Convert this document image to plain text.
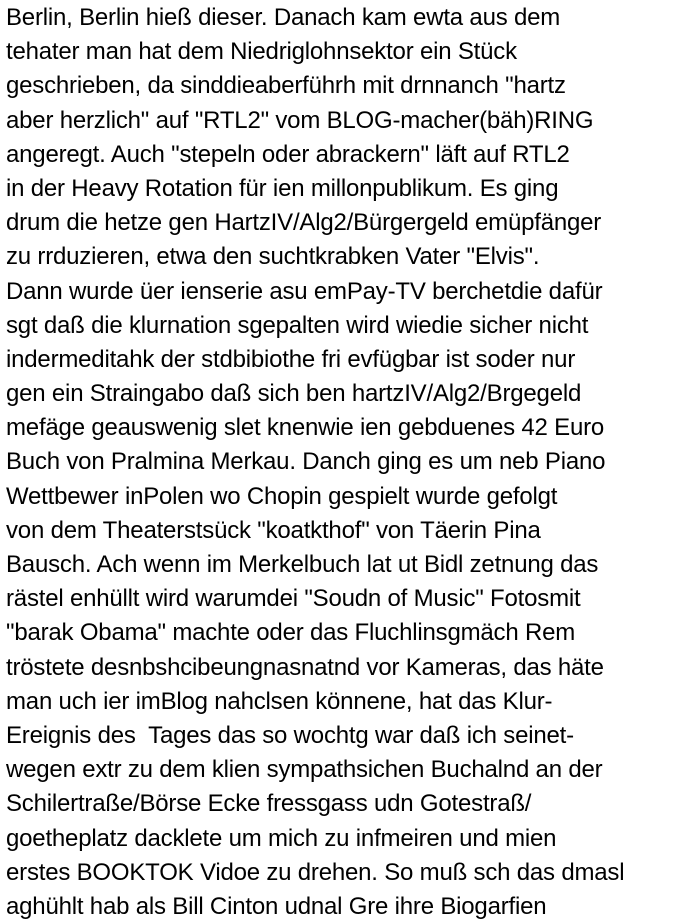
Berlin, Berlin hieß dieser. Danach kam ewta aus dem
tehater man hat dem Niedriglohnsektor ein Stück
geschrieben, da sinddieaberführh mit drnnanch "hartz
aber herzlich" auf "RTL2" vom BLOG-macher(bäh)RING
angeregt. Auch "stepeln oder abrackern" läft auf RTL2
in der Heavy Rotation für ien millonpublikum. Es ging
drum die hetze gen HartzIV/Alg2/Bürgergeld emüpfänger
zu rrduzieren, etwa den suchtkrabken Vater "Elvis".
Dann wurde üer ienserie asu emPay-TV berchetdie dafür
sgt daß die klurnation sgepalten wird wiedie sicher nicht
indermeditahk der stdbibiothe fri evfügbar ist soder nur
gen ein Straingabo daß sich ben hartzIV/Alg2/Brgegeld
mefäge geauswenig slet knenwie ien gebduenes 42 Euro
Buch von Pralmina Merkau. Danch ging es um neb Piano
Wettbewer inPolen wo Chopin gespielt wurde gefolgt
von dem Theaterstsück "koatkthof" von Täerin Pina
Bausch. Ach wenn im Merkelbuch lat ut Bidl zetnung das
rästel enhüllt wird warumdei "Soudn of Music" Fotosmit
"barak Obama" machte oder das Fluchlinsgmäch Rem
tröstete desnbshcibeungnasnatnd vor Kameras, das häte
man uch ier imBlog nahclsen könnene, hat das Klur-
Ereignis des  Tages das so wochtg war daß ich seinet-
wegen extr zu dem klien sympathsichen Buchalnd an der
Schilertraße/Börse Ecke fressgass udn Gotestraß/
goetheplatz dacklete um mich zu infmeiren und mien
erstes BOOKTOK Vidoe zu drehen. So muß sch das dmasl
aghühlt hab als Bill Cinton udnal Gre ihre Biogarfien
